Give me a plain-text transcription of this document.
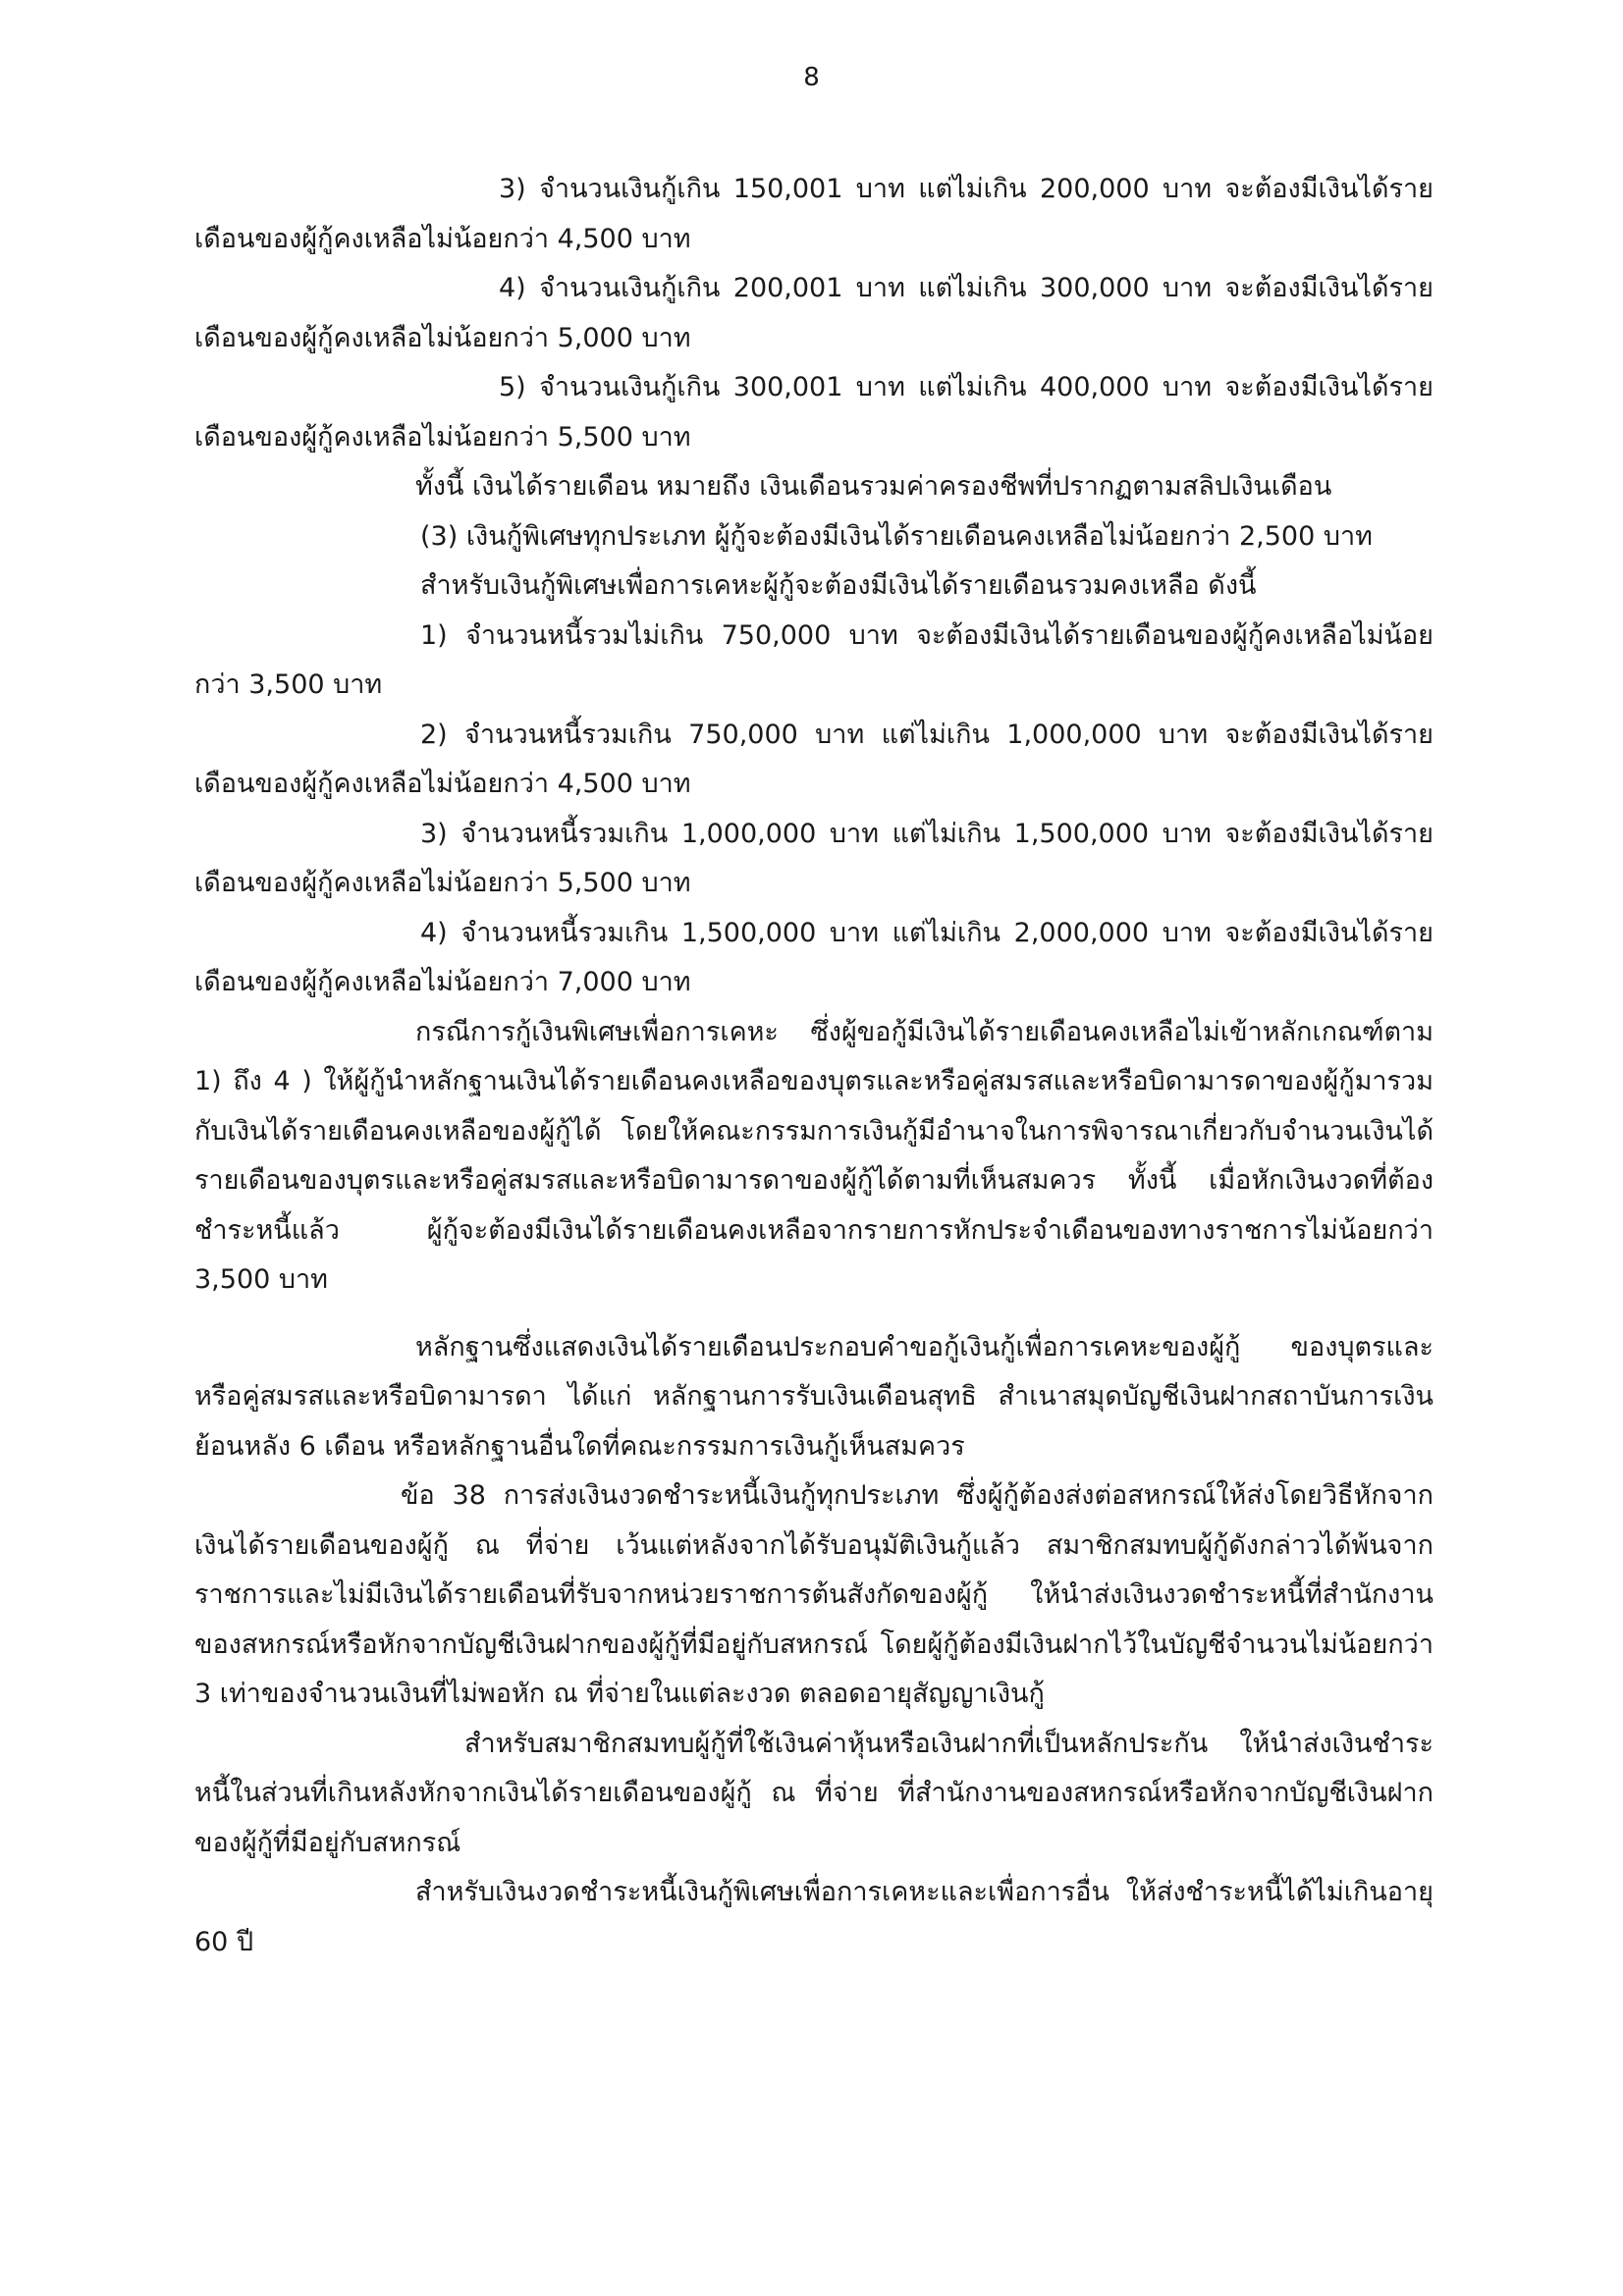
8

3) จำนวนเงินกู้เกิน 150,001 บาท แต่ไม่เกิน 200,000 บาท จะต้องมีเงินได้รายเดือนของผู้กู้คงเหลือไม่น้อยกว่า 4,500 บาท

4) จำนวนเงินกู้เกิน 200,001 บาท แต่ไม่เกิน 300,000 บาท จะต้องมีเงินได้รายเดือนของผู้กู้คงเหลือไม่น้อยกว่า 5,000 บาท

5) จำนวนเงินกู้เกิน 300,001 บาท แต่ไม่เกิน 400,000 บาท จะต้องมีเงินได้รายเดือนของผู้กู้คงเหลือไม่น้อยกว่า 5,500 บาท

ทั้งนี้ เงินได้รายเดือน หมายถึง เงินเดือนรวมค่าครองชีพที่ปรากฏตามสลิปเงินเดือน

(3) เงินกู้พิเศษทุกประเภท ผู้กู้จะต้องมีเงินได้รายเดือนคงเหลือไม่น้อยกว่า 2,500 บาท

สำหรับเงินกู้พิเศษเพื่อการเคหะผู้กู้จะต้องมีเงินได้รายเดือนรวมคงเหลือ ดังนี้

1) จำนวนหนี้รวมไม่เกิน 750,000 บาท จะต้องมีเงินได้รายเดือนของผู้กู้คงเหลือไม่น้อยกว่า 3,500 บาท

2) จำนวนหนี้รวมเกิน 750,000 บาท แต่ไม่เกิน 1,000,000 บาท จะต้องมีเงินได้รายเดือนของผู้กู้คงเหลือไม่น้อยกว่า 4,500 บาท

3) จำนวนหนี้รวมเกิน 1,000,000 บาท แต่ไม่เกิน 1,500,000 บาท จะต้องมีเงินได้รายเดือนของผู้กู้คงเหลือไม่น้อยกว่า 5,500 บาท

4) จำนวนหนี้รวมเกิน 1,500,000 บาท แต่ไม่เกิน 2,000,000 บาท จะต้องมีเงินได้รายเดือนของผู้กู้คงเหลือไม่น้อยกว่า 7,000 บาท

กรณีการกู้เงินพิเศษเพื่อการเคหะ ซึ่งผู้ขอกู้มีเงินได้รายเดือนคงเหลือไม่เข้าหลักเกณฑ์ตาม 1) ถึง 4 ) ให้ผู้กู้นำหลักฐานเงินได้รายเดือนคงเหลือของบุตรและหรือคู่สมรสและหรือบิดามารดาของผู้กู้มารวมกับเงินได้รายเดือนคงเหลือของผู้กู้ได้ โดยให้คณะกรรมการเงินกู้มีอำนาจในการพิจารณาเกี่ยวกับจำนวนเงินได้รายเดือนของบุตรและหรือคู่สมรสและหรือบิดามารดาของผู้กู้ได้ตามที่เห็นสมควร ทั้งนี้ เมื่อหักเงินงวดที่ต้องชำระหนี้แล้ว ผู้กู้จะต้องมีเงินได้รายเดือนคงเหลือจากรายการหักประจำเดือนของทางราชการไม่น้อยกว่า 3,500 บาท

หลักฐานซึ่งแสดงเงินได้รายเดือนประกอบคำขอกู้เงินกู้เพื่อการเคหะของผู้กู้ ของบุตรและหรือคู่สมรสและหรือบิดามารดา ได้แก่ หลักฐานการรับเงินเดือนสุทธิ สำเนาสมุดบัญชีเงินฝากสถาบันการเงินย้อนหลัง 6 เดือน หรือหลักฐานอื่นใดที่คณะกรรมการเงินกู้เห็นสมควร

ข้อ 38 การส่งเงินงวดชำระหนี้เงินกู้ทุกประเภท ซึ่งผู้กู้ต้องส่งต่อสหกรณ์ให้ส่งโดยวิธีหักจากเงินได้รายเดือนของผู้กู้ ณ ที่จ่าย เว้นแต่หลังจากได้รับอนุมัติเงินกู้แล้ว สมาชิกสมทบผู้กู้ดังกล่าวได้พ้นจากราชการและไม่มีเงินได้รายเดือนที่รับจากหน่วยราชการต้นสังกัดของผู้กู้ ให้นำส่งเงินงวดชำระหนี้ที่สำนักงานของสหกรณ์หรือหักจากบัญชีเงินฝากของผู้กู้ที่มีอยู่กับสหกรณ์ โดยผู้กู้ต้องมีเงินฝากไว้ในบัญชีจำนวนไม่น้อยกว่า 3 เท่าของจำนวนเงินที่ไม่พอหัก ณ ที่จ่ายในแต่ละงวด ตลอดอายุสัญญาเงินกู้

สำหรับสมาชิกสมทบผู้กู้ที่ใช้เงินค่าหุ้นหรือเงินฝากที่เป็นหลักประกัน ให้นำส่งเงินชำระหนี้ในส่วนที่เกินหลังหักจากเงินได้รายเดือนของผู้กู้ ณ ที่จ่าย ที่สำนักงานของสหกรณ์หรือหักจากบัญชีเงินฝากของผู้กู้ที่มีอยู่กับสหกรณ์

สำหรับเงินงวดชำระหนี้เงินกู้พิเศษเพื่อการเคหะและเพื่อการอื่น ให้ส่งชำระหนี้ได้ไม่เกินอายุ 60 ปี
